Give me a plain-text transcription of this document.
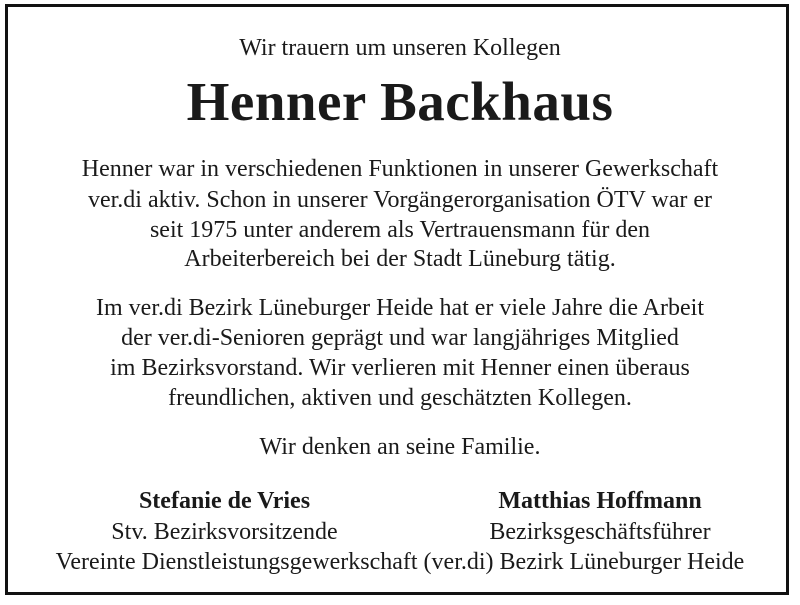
Wir trauern um unseren Kollegen
Henner Backhaus
Henner war in verschiedenen Funktionen in unserer Gewerkschaft
ver.di aktiv. Schon in unserer Vorgängerorganisation ÖTV war er
seit 1975 unter anderem als Vertrauensmann für den
Arbeiterbereich bei der Stadt Lüneburg tätig.
Im ver.di Bezirk Lüneburger Heide hat er viele Jahre die Arbeit
der ver.di-Senioren geprägt und war langjähriges Mitglied
im Bezirksvorstand. Wir verlieren mit Henner einen überaus
freundlichen, aktiven und geschätzten Kollegen.
Wir denken an seine Familie.
Stefanie de Vries
Stv. Bezirksvorsitzende
Matthias Hoffmann
Bezirksgeschäftsführer
Vereinte Dienstleistungsgewerkschaft (ver.di) Bezirk Lüneburger Heide
